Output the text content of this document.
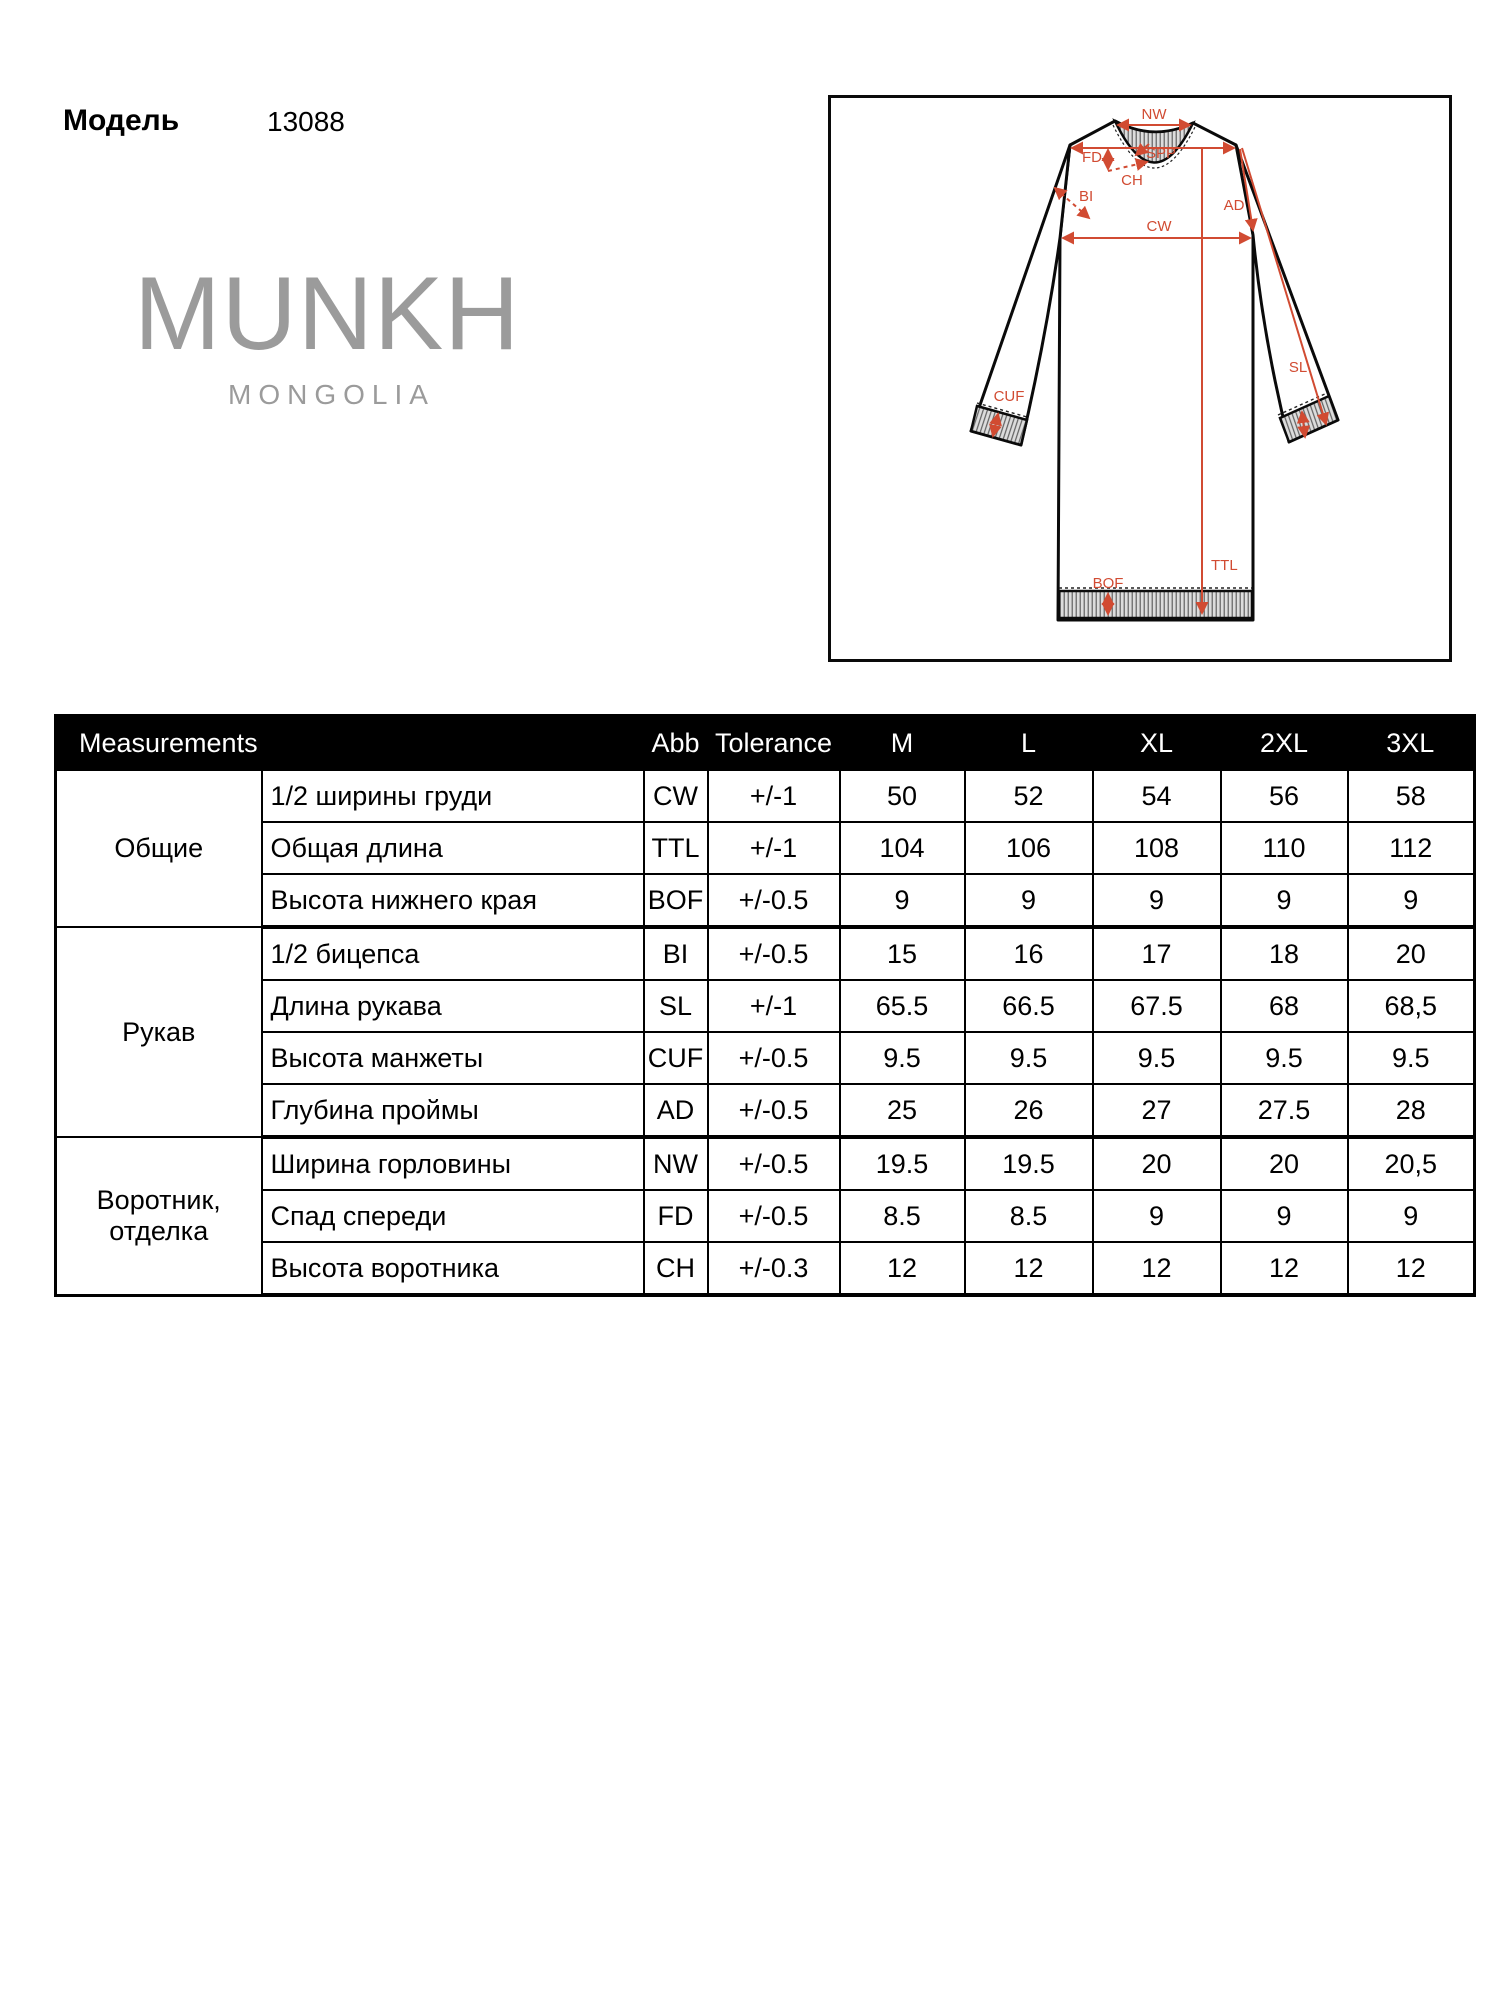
Модель	13088
MUNKH
MONGOLIA
NW
SPP
FD
CH
BI
CW
AD
SL
TTL
BOF
CUF
Measurements		Abb	Tolerance	M	L	XL	2XL	3XL
Общие	1/2 ширины груди	CW	+/-1	50	52	54	56	58
	Общая длина	TTL	+/-1	104	106	108	110	112
	Высота нижнего края	BOF	+/-0.5	9	9	9	9	9
Рукав	1/2 бицепса	BI	+/-0.5	15	16	17	18	20
	Длина рукава	SL	+/-1	65.5	66.5	67.5	68	68,5
	Высота манжеты	CUF	+/-0.5	9.5	9.5	9.5	9.5	9.5
	Глубина проймы	AD	+/-0.5	25	26	27	27.5	28
Воротник, отделка	Ширина горловины	NW	+/-0.5	19.5	19.5	20	20	20,5
	Спад спереди	FD	+/-0.5	8.5	8.5	9	9	9
	Высота воротника	CH	+/-0.3	12	12	12	12	12
